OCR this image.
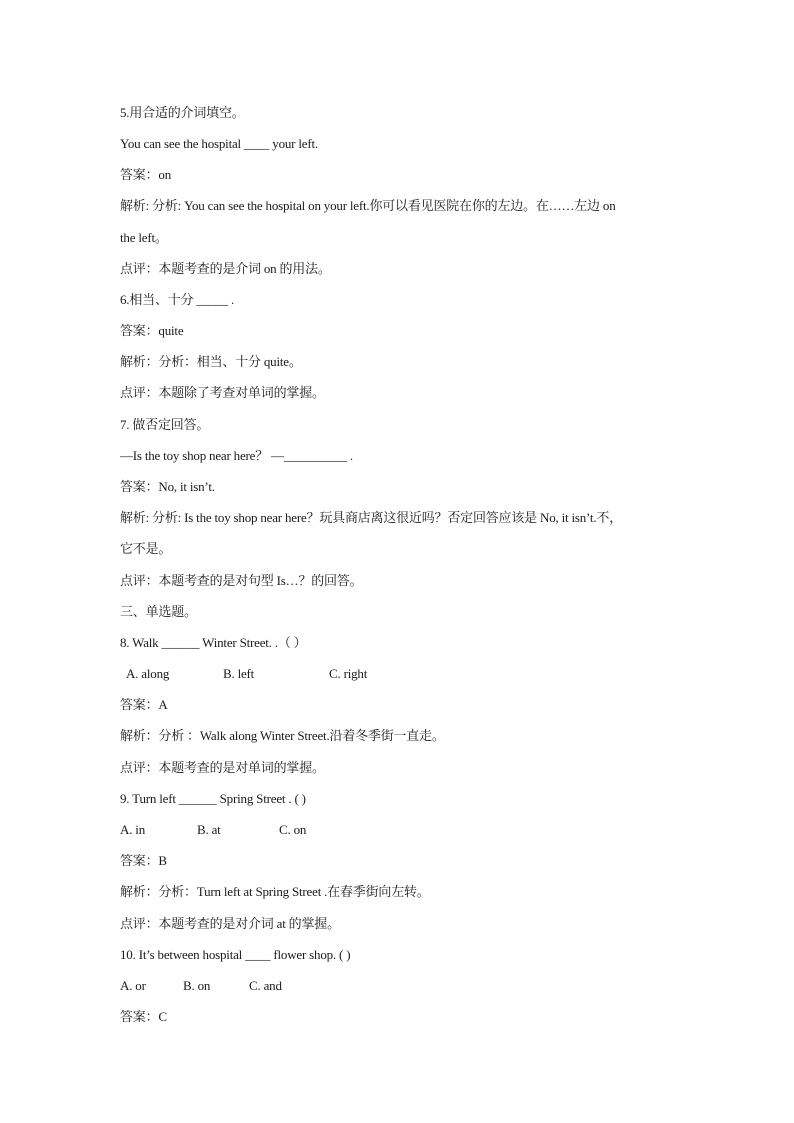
5.用合适的介词填空。
You can see the hospital ____ your left.
答案：on
解析: 分析: You can see the hospital on your left.你可以看见医院在你的左边。在……左边 on
the left。
点评：本题考查的是介词 on 的用法。
6.相当、十分 _____ .
答案：quite
解析：分析：相当、十分 quite。
点评：本题除了考查对单词的掌握。
7. 做否定回答。
—Is the toy shop near here？ —__________ .
答案：No, it isn’t.
解析: 分析: Is the toy shop near here？玩具商店离这很近吗？否定回答应该是 No, it isn’t.不，
它不是。
点评：本题考查的是对句型 Is…？的回答。
三、单选题。
8. Walk ______ Winter Street. .（ ）
A. along	B. left	C. right
答案：A
解析：分析 ：Walk along Winter Street.沿着冬季街一直走。
点评：本题考查的是对单词的掌握。
9. Turn left ______ Spring Street . ( )
A. in	B. at	C. on
答案：B
解析：分析：Turn left at Spring Street .在春季街向左转。
点评：本题考查的是对介词 at 的掌握。
10. It’s between hospital ____ flower shop. ( )
A. or	B. on	C. and
答案：C
